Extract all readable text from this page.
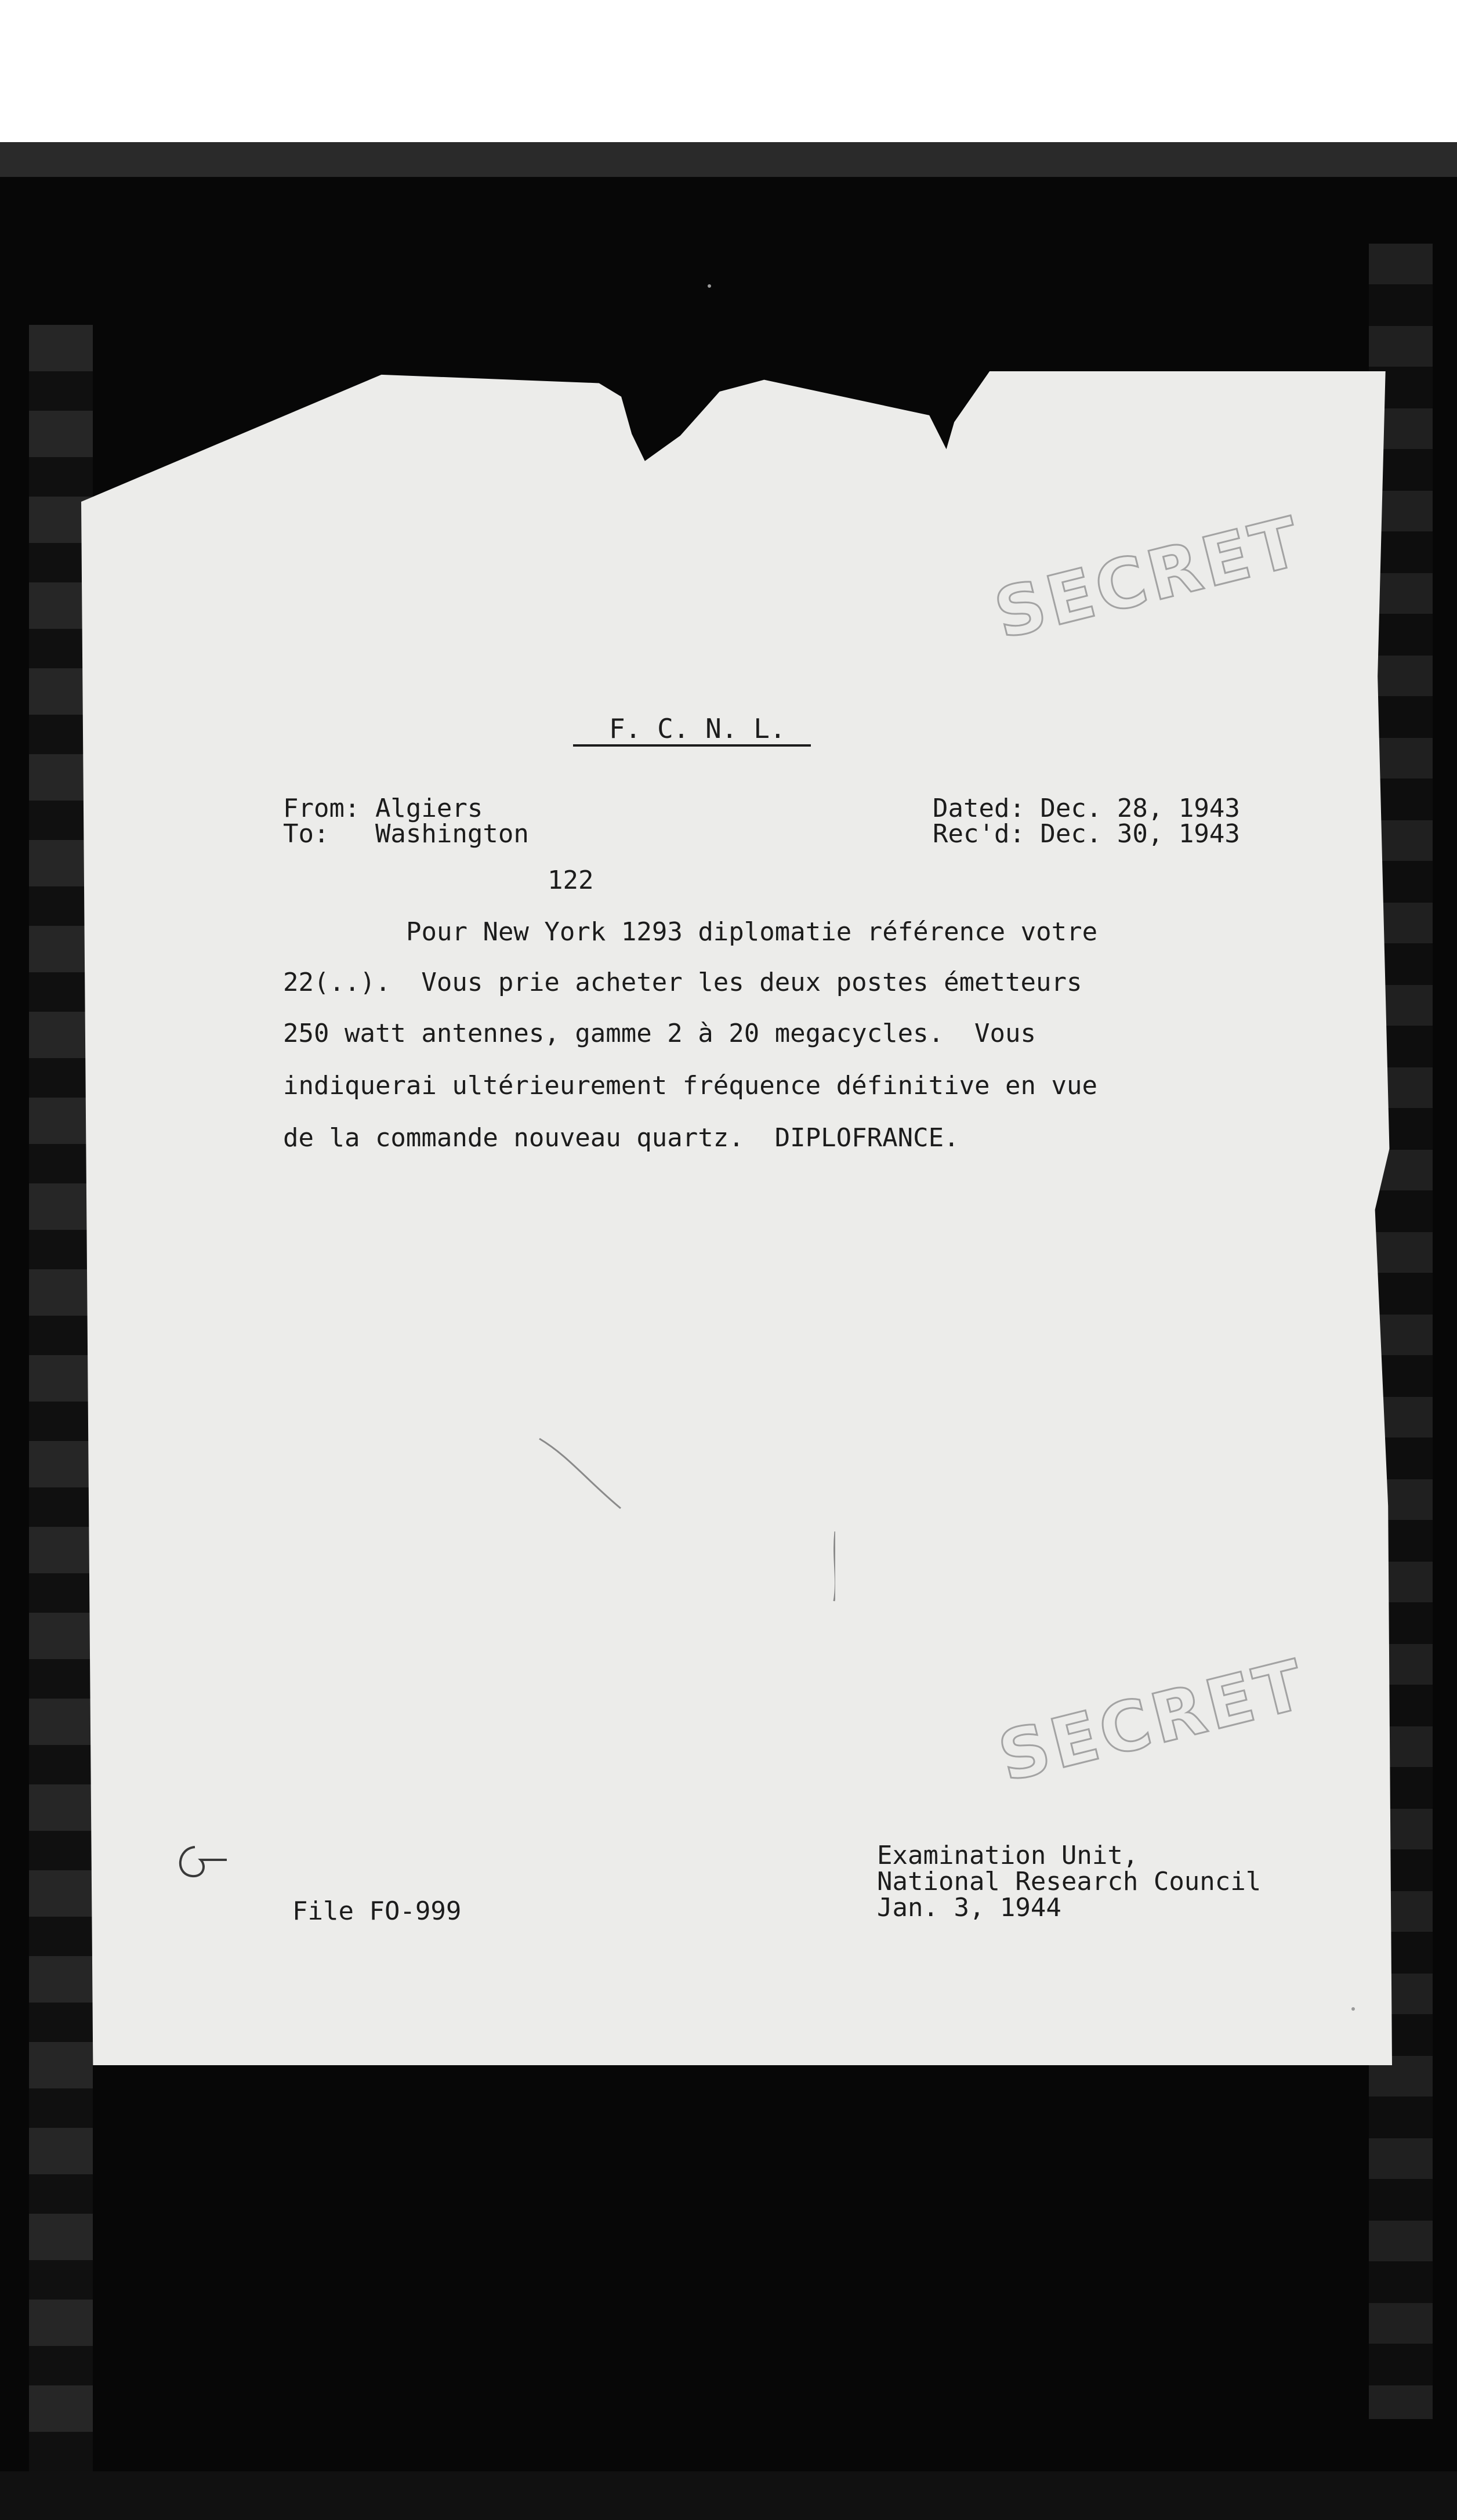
SECRET
SECRET
F. C. N. L.
From: Algiers
To:   Washington
Dated: Dec. 28, 1943
Rec'd: Dec. 30, 1943
122
Pour New York 1293 diplomatie référence votre
22(..).  Vous prie acheter les deux postes émetteurs
250 watt antennes, gamme 2 à 20 megacycles.  Vous
indiquerai ultérieurement fréquence définitive en vue
de la commande nouveau quartz.  DIPLOFRANCE.
File FO-999
Examination Unit,
National Research Council
Jan. 3, 1944
